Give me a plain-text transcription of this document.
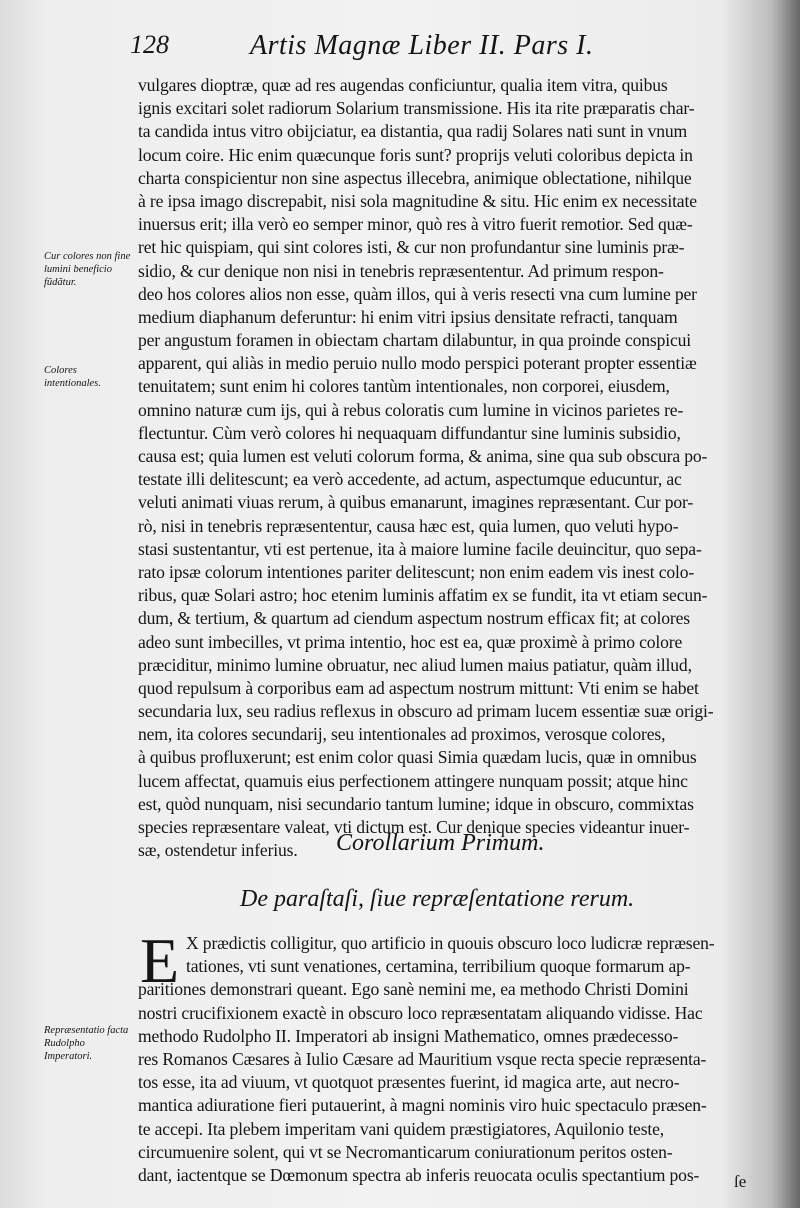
128	Artis Magnæ Liber II. Pars I.
Cur colores non fine lumini beneficio fũdãtur.
Colores intentionales.
Repræsentatio facta Rudolpho Imperatori.
vulgares dioptræ, quæ ad res augendas conficiuntur, qualia item vitra, quibus
ignis excitari solet radiorum Solarium transmissione. His ita rite præparatis char-
ta candida intus vitro obijciatur, ea distantia, qua radij Solares nati sunt in vnum
locum coire. Hic enim quæcunque foris sunt? proprijs veluti coloribus depicta in
charta conspicientur non sine aspectus illecebra, animique oblectatione, nihilque
à re ipsa imago discrepabit, nisi sola magnitudine & situ. Hic enim ex necessitate
inuersus erit; illa verò eo semper minor, quò res à vitro fuerit remotior. Sed quæ-
ret hic quispiam, qui sint colores isti, & cur non profundantur sine luminis præ-
sidio, & cur denique non nisi in tenebris repræsententur. Ad primum respon-
deo hos colores alios non esse, quàm illos, qui à veris resecti vna cum lumine per
medium diaphanum deferuntur: hi enim vitri ipsius densitate refracti, tanquam
per angustum foramen in obiectam chartam dilabuntur, in qua proinde conspicui
apparent, qui aliàs in medio peruio nullo modo perspici poterant propter essentiæ
tenuitatem; sunt enim hi colores tantùm intentionales, non corporei, eiusdem,
omnino naturæ cum ijs, qui à rebus coloratis cum lumine in vicinos parietes re-
flectuntur. Cùm verò colores hi nequaquam diffundantur sine luminis subsidio,
causa est; quia lumen est veluti colorum forma, & anima, sine qua sub obscura po-
testate illi delitescunt; ea verò accedente, ad actum, aspectumque educuntur, ac
veluti animati viuas rerum, à quibus emanarunt, imagines repræsentant. Cur por-
rò, nisi in tenebris repræsententur, causa hæc est, quia lumen, quo veluti hypo-
stasi sustentantur, vti est pertenue, ita à maiore lumine facile deuincitur, quo sepa-
rato ipsæ colorum intentiones pariter delitescunt; non enim eadem vis inest colo-
ribus, quæ Solari astro; hoc etenim luminis affatim ex se fundit, ita vt etiam secun-
dum, & tertium, & quartum ad ciendum aspectum nostrum efficax fit; at colores
adeo sunt imbecilles, vt prima intentio, hoc est ea, quæ proximè à primo colore
præciditur, minimo lumine obruatur, nec aliud lumen maius patiatur, quàm illud,
quod repulsum à corporibus eam ad aspectum nostrum mittunt: Vti enim se habet
secundaria lux, seu radius reflexus in obscuro ad primam lucem essentiæ suæ origi-
nem, ita colores secundarij, seu intentionales ad proximos, verosque colores,
à quibus profluxerunt; est enim color quasi Simia quædam lucis, quæ in omnibus
lucem affectat, quamuis eius perfectionem attingere nunquam possit; atque hinc
est, quòd nunquam, nisi secundario tantum lumine; idque in obscuro, commixtas
species repræsentare valeat, vti dictum est. Cur denique species videantur inuer-
sæ, ostendetur inferius.	Corollarium Primum.
De paraſtaſi, ſiue repræſentatione rerum.
E X prædictis colligitur, quo artificio in quouis obscuro loco ludicræ repræsen-
tationes, vti sunt venationes, certamina, terribilium quoque formarum ap-
paritiones demonstrari queant. Ego sanè nemini me, ea methodo Christi Domini
nostri crucifixionem exactè in obscuro loco repræsentatam aliquando vidisse. Hac
methodo Rudolpho II. Imperatori ab insigni Mathematico, omnes prædecesso-
res Romanos Cæsares à Iulio Cæsare ad Mauritium vsque recta specie repræsenta-
tos esse, ita ad viuum, vt quotquot præsentes fuerint, id magica arte, aut necro-
mantica adiuratione fieri putauerint, à magni nominis viro huic spectaculo præsen-
te accepi. Ita plebem imperitam vani quidem præstigiatores, Aquilonio teste,
circumuenire solent, qui vt se Necromanticarum coniurationum peritos osten-
dant, iactentque se Dœmonum spectra ab inferis reuocata oculis spectantium pos-	ſe
